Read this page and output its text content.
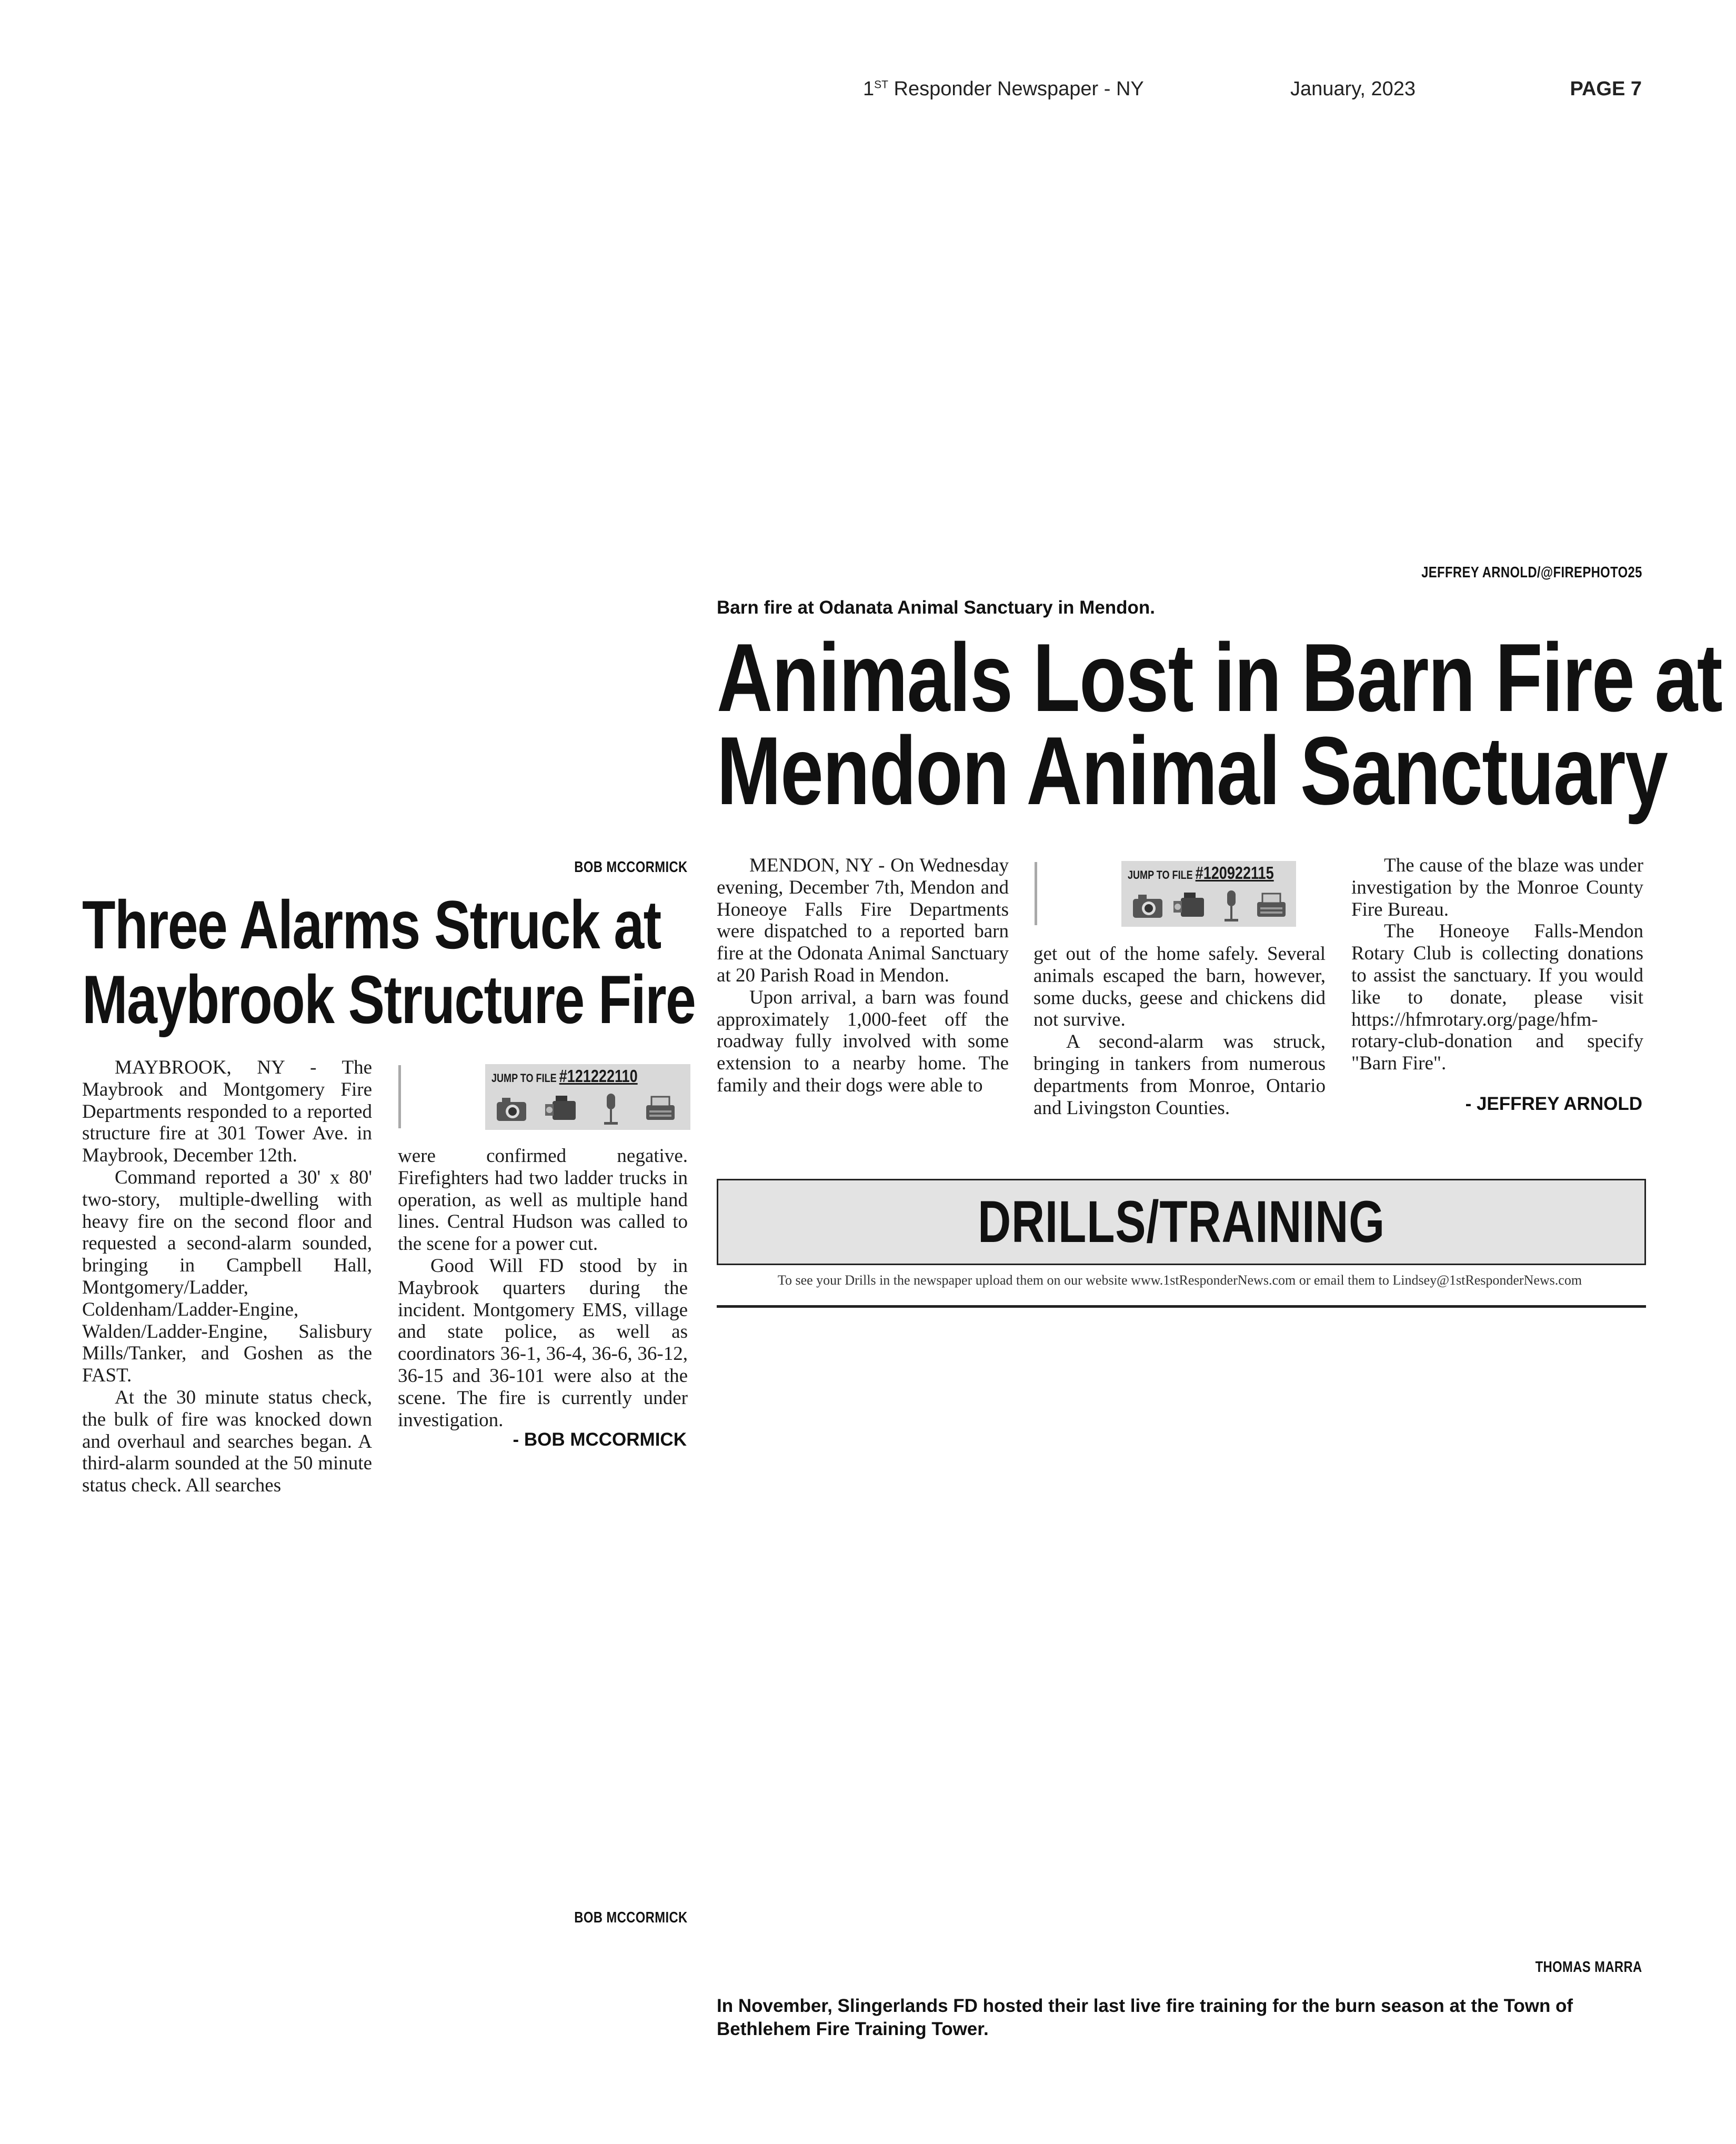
1ST Responder Newspaper - NY	January, 2023	PAGE 7
JEFFREY ARNOLD/@FIREPHOTO25
Barn fire at Odanata Animal Sanctuary in Mendon.
Animals Lost in Barn Fire at
Mendon Animal Sanctuary

MENDON, NY - On Wednesday evening, December 7th, Mendon and Honeoye Falls Fire Departments were dispatched to a reported barn fire at the Odonata Animal Sanctuary at 20 Parish Road in Mendon.

Upon arrival, a barn was found approximately 1,000-feet off the roadway fully involved with some extension to a nearby home. The family and their dogs were able to

JUMP TO FILE #120922115

get out of the home safely. Several animals escaped the barn, however, some ducks, geese and chickens did not survive.

A second-alarm was struck, bringing in tankers from numerous departments from Monroe, Ontario and Livingston Counties.

The cause of the blaze was under investigation by the Monroe County Fire Bureau.

The Honeoye Falls-Mendon Rotary Club is collecting donations to assist the sanctuary. If you would like to donate, please visit https://hfmrotary.org/page/hfm-rotary-club-donation and specify "Barn Fire".

- JEFFREY ARNOLD
BOB MCCORMICK
Three Alarms Struck at
Maybrook Structure Fire

MAYBROOK, NY - The Maybrook and Montgomery Fire Departments responded to a reported structure fire at 301 Tower Ave. in Maybrook, December 12th.

Command reported a 30' x 80' two-story, multiple-dwelling with heavy fire on the second floor and requested a second-alarm sounded, bringing in Campbell Hall, Montgomery/Ladder, Coldenham/Ladder-Engine, Walden/Ladder-Engine, Salisbury Mills/Tanker, and Goshen as the FAST.

At the 30 minute status check, the bulk of fire was knocked down and overhaul and searches began. A third-alarm sounded at the 50 minute status check. All searches

JUMP TO FILE #121222110

were confirmed negative. Firefighters had two ladder trucks in operation, as well as multiple hand lines. Central Hudson was called to the scene for a power cut.

Good Will FD stood by in Maybrook quarters during the incident. Montgomery EMS, village and state police, as well as coordinators 36-1, 36-4, 36-6, 36-12, 36-15 and 36-101 were also at the scene. The fire is currently under investigation.

- BOB MCCORMICK
DRILLS/TRAINING
To see your Drills in the newspaper upload them on our website www.1stResponderNews.com or email them to Lindsey@1stResponderNews.com
BOB MCCORMICK
THOMAS MARRA
In November, Slingerlands FD hosted their last live fire training for the burn season at the Town of Bethlehem Fire Training Tower.
